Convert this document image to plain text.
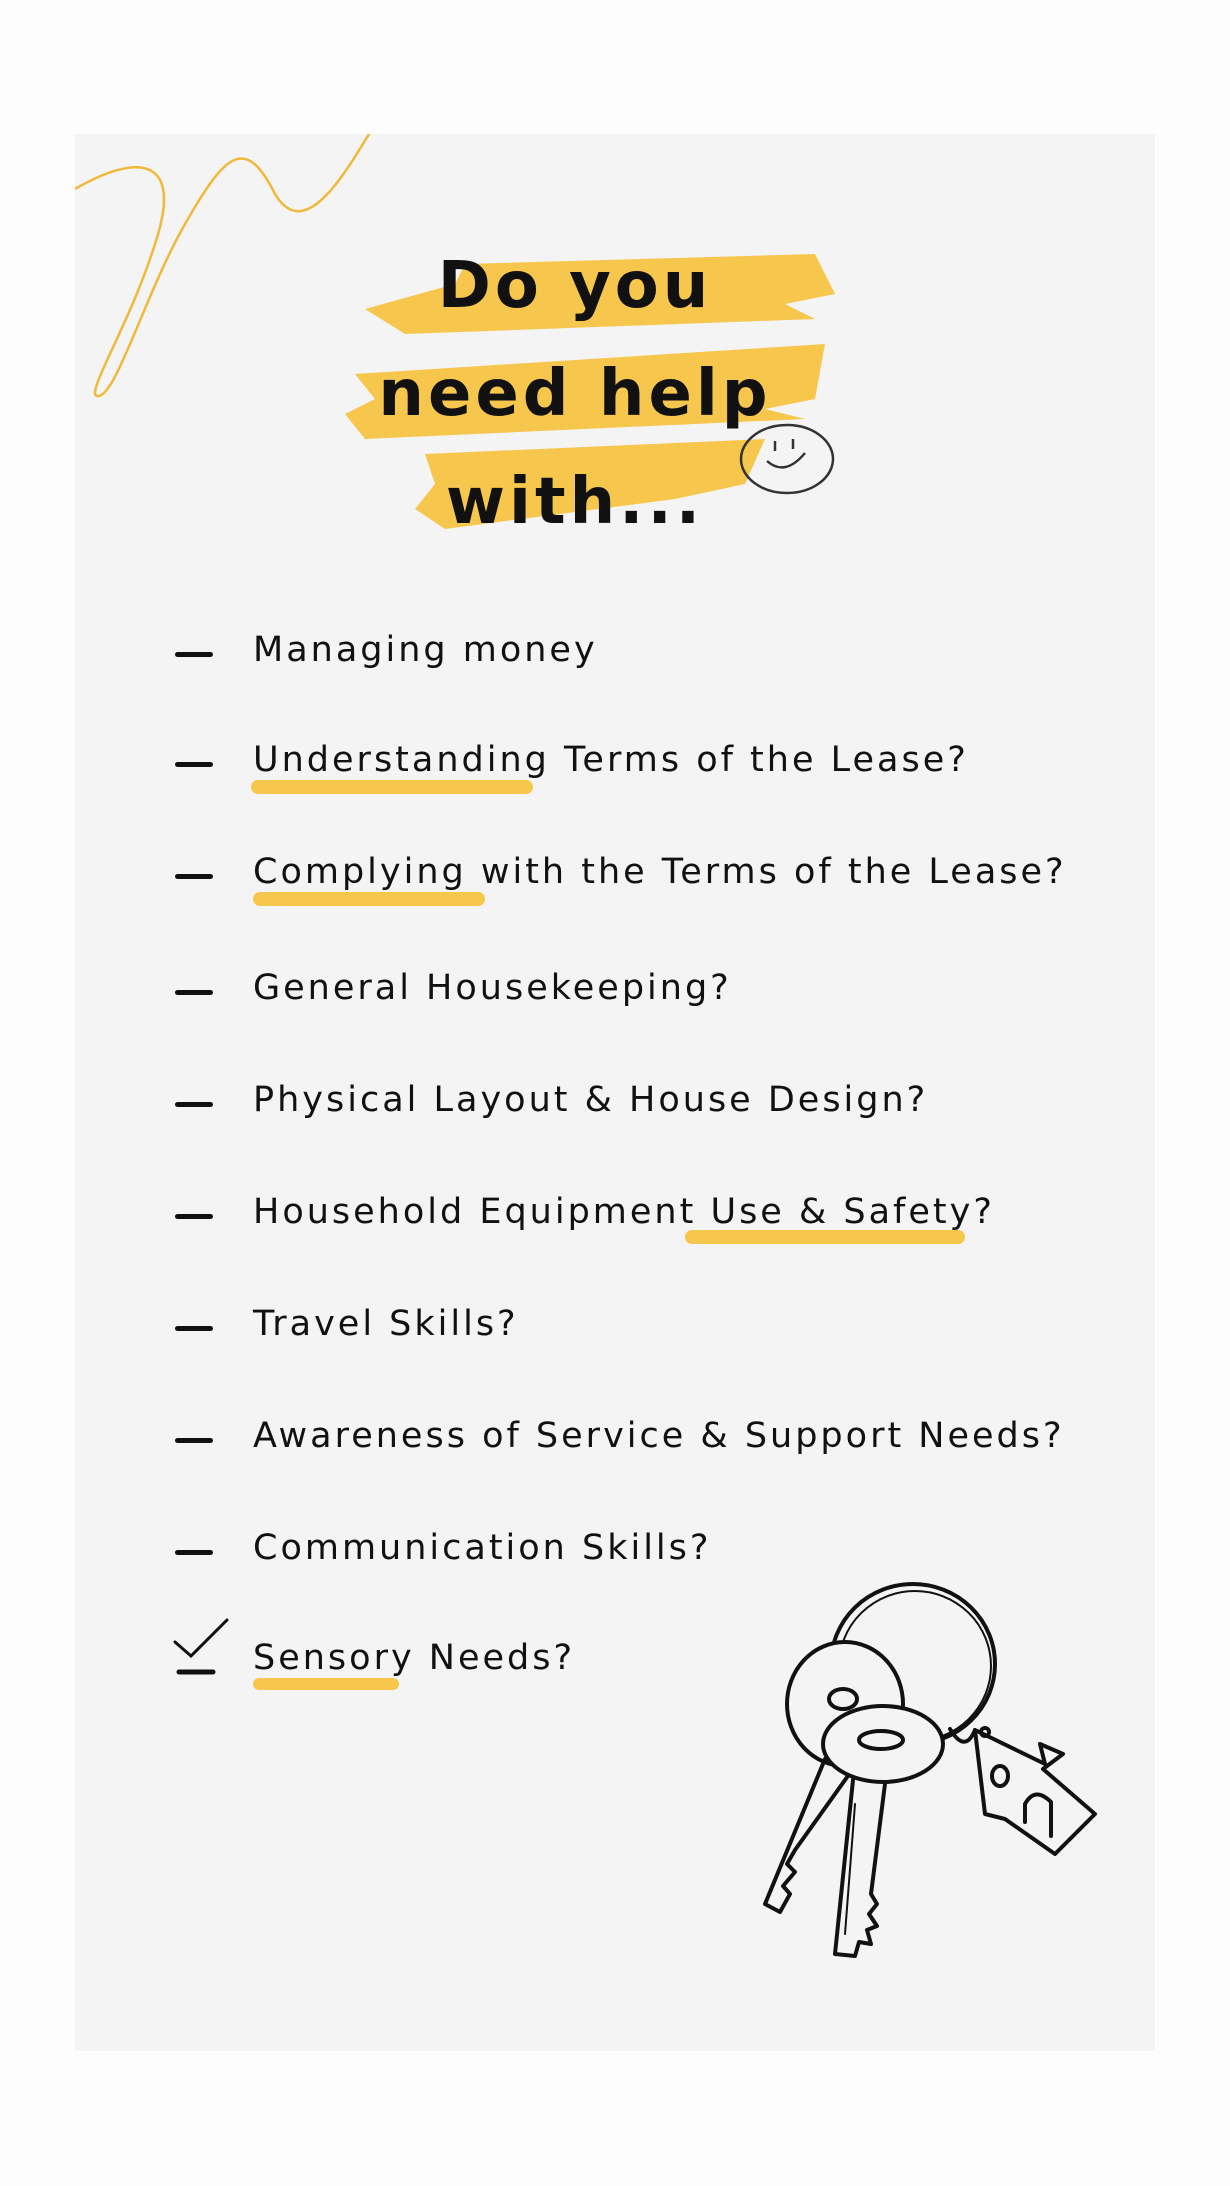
Do you
need help
with...
Managing money
Understanding Terms of the Lease?
Complying with the Terms of the Lease?
General Housekeeping?
Physical Layout & House Design?
Household Equipment Use & Safety?
Travel Skills?
Awareness of Service & Support Needs?
Communication Skills?
Sensory Needs?
